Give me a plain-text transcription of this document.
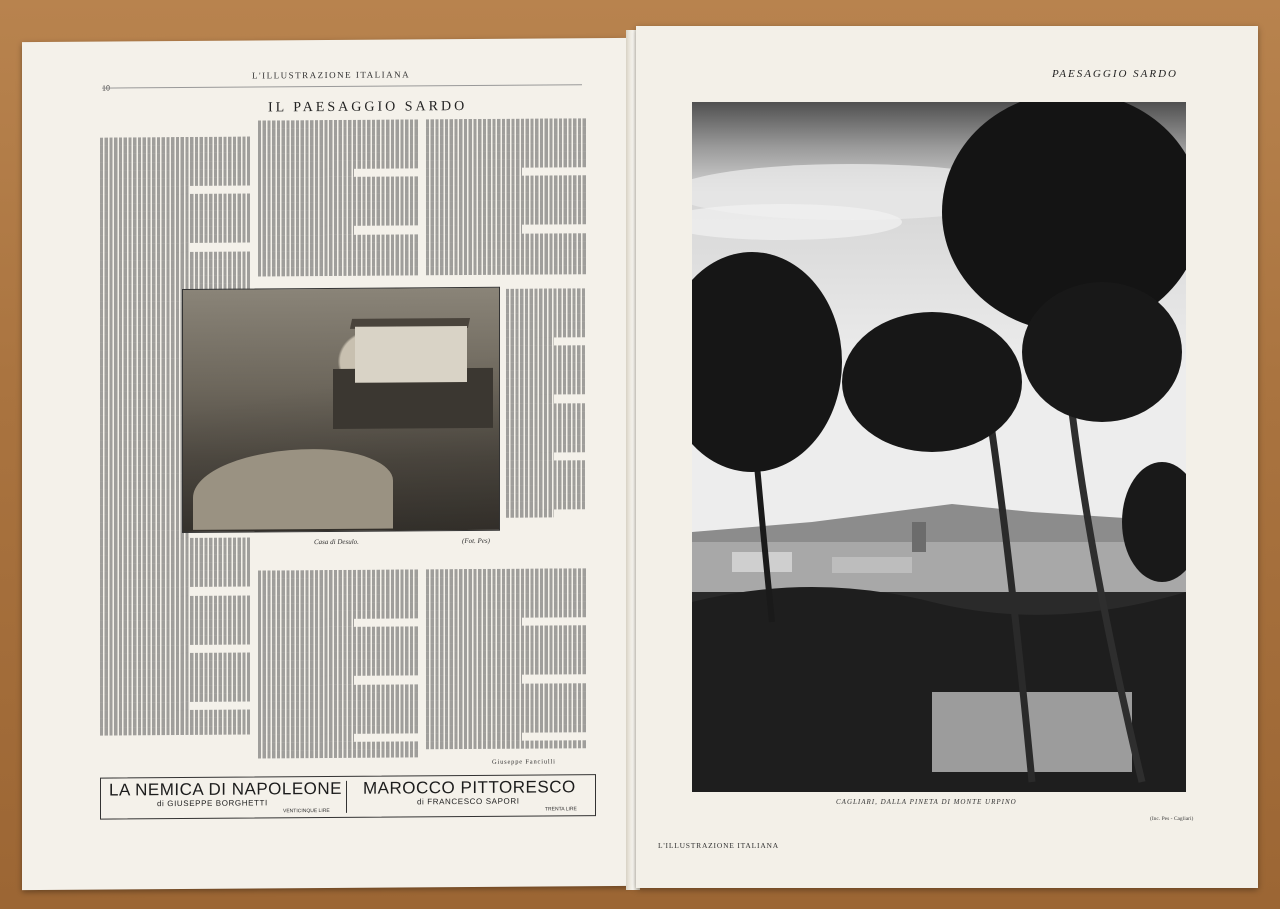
L'ILLUSTRAZIONE ITALIANA
IL PAESAGGIO SARDO
Casa di Desulo.	(Fot. Pes)
Giuseppe Fanciulli
LA NEMICA DI NAPOLEONE
di GIUSEPPE BORGHETTI
VENTICINQUE LIRE
MAROCCO PITTORESCO
di FRANCESCO SAPORI
TRENTA LIRE
PAESAGGIO SARDO
CAGLIARI, DALLA PINETA DI MONTE URPINO
(Inc. Pes - Cagliari)
L'ILLUSTRAZIONE ITALIANA
